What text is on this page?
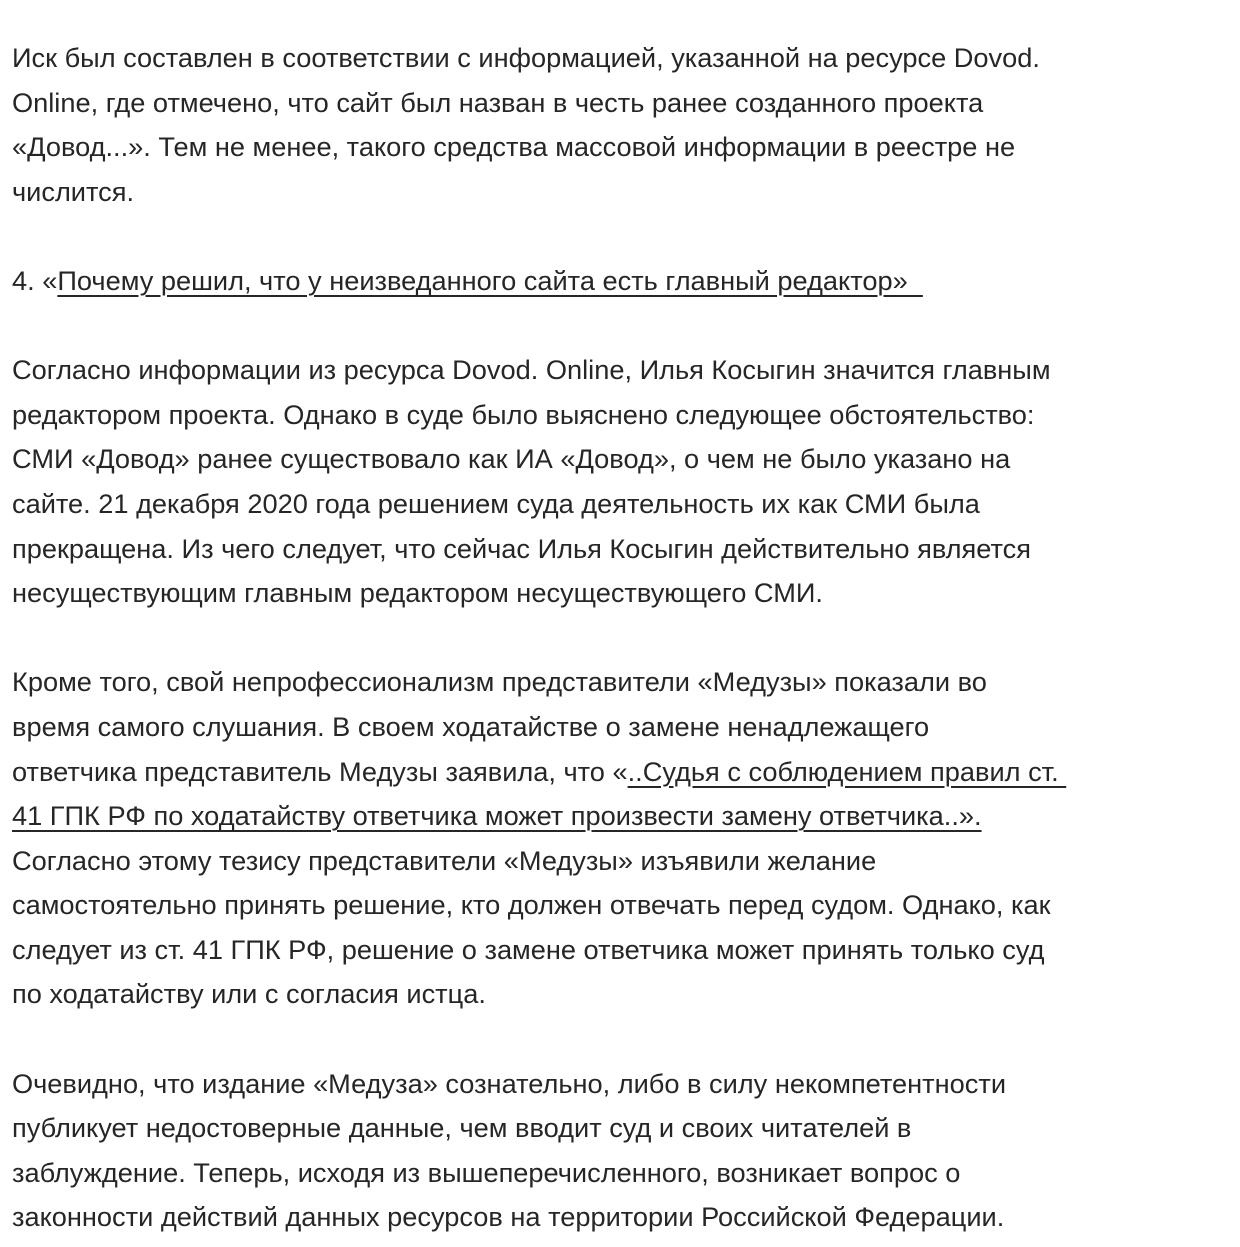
Иск был составлен в соответствии с информацией, указанной на ресурсе Dovod.
Online, где отмечено, что сайт был назван в честь ранее созданного проекта
«Довод...». Тем не менее, такого средства массовой информации в реестре не
числится.

4. «Почему решил, что у неизведанного сайта есть главный редактор»

Согласно информации из ресурса Dovod. Online, Илья Косыгин значится главным
редактором проекта. Однако в суде было выяснено следующее обстоятельство:
СМИ «Довод» ранее существовало как ИА «Довод», о чем не было указано на
сайте. 21 декабря 2020 года решением суда деятельность их как СМИ была
прекращена. Из чего следует, что сейчас Илья Косыгин действительно является
несуществующим главным редактором несуществующего СМИ.

Кроме того, свой непрофессионализм представители «Медузы» показали во
время самого слушания. В своем ходатайстве о замене ненадлежащего
ответчика представитель Медузы заявила, что «..Судья с соблюдением правил ст.
41 ГПК РФ по ходатайству ответчика может произвести замену ответчика..».
Согласно этому тезису представители «Медузы» изъявили желание
самостоятельно принять решение, кто должен отвечать перед судом. Однако, как
следует из ст. 41 ГПК РФ, решение о замене ответчика может принять только суд
по ходатайству или с согласия истца.

Очевидно, что издание «Медуза» сознательно, либо в силу некомпетентности
публикует недостоверные данные, чем вводит суд и своих читателей в
заблуждение. Теперь, исходя из вышеперечисленного, возникает вопрос о
законности действий данных ресурсов на территории Российской Федерации.
